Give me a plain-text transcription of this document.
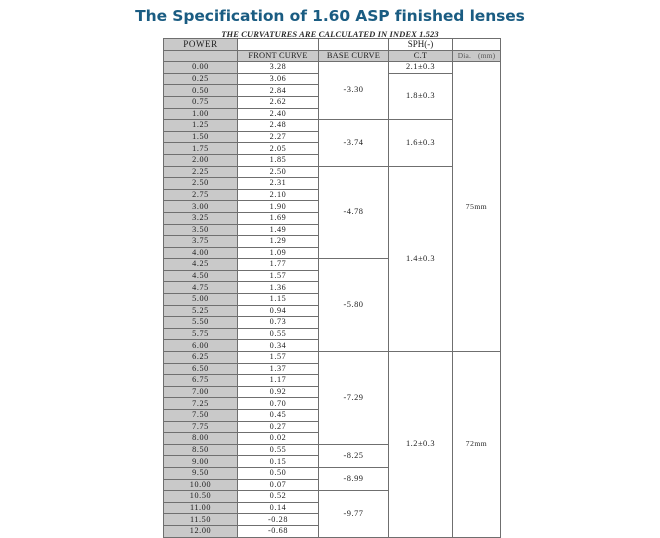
The Specification of 1.60 ASP finished lenses
THE CURVATURES ARE CALCULATED IN INDEX 1.523
POWER			SPH(-)	
	FRONT CURVE	BASE CURVE	C.T	Dia. (mm)
0.00	3.28	-3.30	2.1±0.3	75mm
0.25	3.06		1.8±0.3	
0.50	2.84			
0.75	2.62			
1.00	2.40			
1.25	2.48	-3.74	1.6±0.3	
1.50	2.27			
1.75	2.05			
2.00	1.85			
2.25	2.50	-4.78	1.4±0.3	
2.50	2.31			
2.75	2.10			
3.00	1.90			
3.25	1.69			
3.50	1.49			
3.75	1.29			
4.00	1.09			
4.25	1.77	-5.80		
4.50	1.57			
4.75	1.36			
5.00	1.15			
5.25	0.94			
5.50	0.73			
5.75	0.55			
6.00	0.34			
6.25	1.57	-7.29	1.2±0.3	72mm
6.50	1.37			
6.75	1.17			
7.00	0.92			
7.25	0.70			
7.50	0.45			
7.75	0.27			
8.00	0.02			
8.50	0.55	-8.25		
9.00	0.15			
9.50	0.50	-8.99		
10.00	0.07			
10.50	0.52	-9.77		
11.00	0.14			
11.50	-0.28			
12.00	-0.68			
